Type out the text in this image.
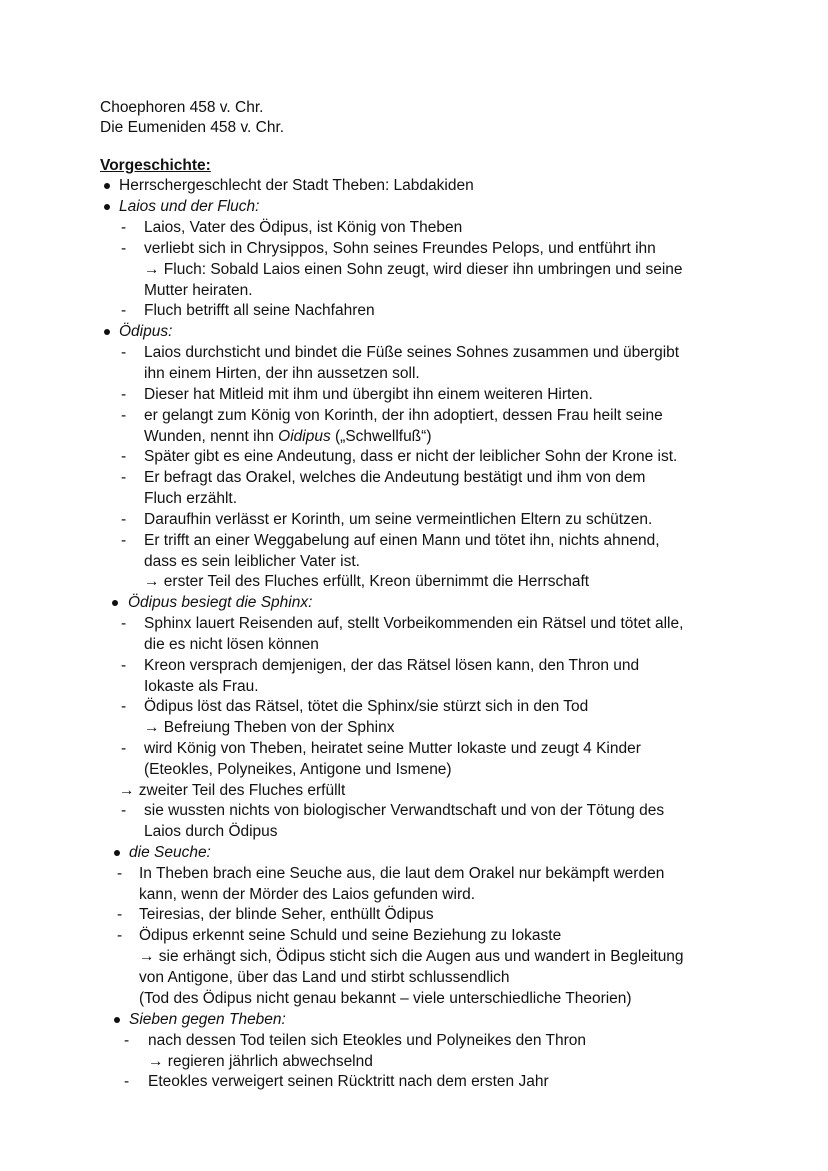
Choephoren 458 v. Chr.
Die Eumeniden 458 v. Chr.
Vorgeschichte:
Herrschergeschlecht der Stadt Theben: Labdakiden
Laios und der Fluch:
- Laios, Vater des Ödipus, ist König von Theben
- verliebt sich in Chrysippos, Sohn seines Freundes Pelops, und entführt ihn
→ Fluch: Sobald Laios einen Sohn zeugt, wird dieser ihn umbringen und seine
Mutter heiraten.
- Fluch betrifft all seine Nachfahren
Ödipus:
- Laios durchsticht und bindet die Füße seines Sohnes zusammen und übergibt
ihn einem Hirten, der ihn aussetzen soll.
- Dieser hat Mitleid mit ihm und übergibt ihn einem weiteren Hirten.
- er gelangt zum König von Korinth, der ihn adoptiert, dessen Frau heilt seine
Wunden, nennt ihn Oidipus („Schwellfuß“)
- Später gibt es eine Andeutung, dass er nicht der leiblicher Sohn der Krone ist.
- Er befragt das Orakel, welches die Andeutung bestätigt und ihm von dem
Fluch erzählt.
- Daraufhin verlässt er Korinth, um seine vermeintlichen Eltern zu schützen.
- Er trifft an einer Weggabelung auf einen Mann und tötet ihn, nichts ahnend,
dass es sein leiblicher Vater ist.
→ erster Teil des Fluches erfüllt, Kreon übernimmt die Herrschaft
Ödipus besiegt die Sphinx:
- Sphinx lauert Reisenden auf, stellt Vorbeikommenden ein Rätsel und tötet alle,
die es nicht lösen können
- Kreon versprach demjenigen, der das Rätsel lösen kann, den Thron und
Iokaste als Frau.
- Ödipus löst das Rätsel, tötet die Sphinx/sie stürzt sich in den Tod
→ Befreiung Theben von der Sphinx
- wird König von Theben, heiratet seine Mutter Iokaste und zeugt 4 Kinder
(Eteokles, Polyneikes, Antigone und Ismene)
→ zweiter Teil des Fluches erfüllt
- sie wussten nichts von biologischer Verwandtschaft und von der Tötung des
Laios durch Ödipus
die Seuche:
- In Theben brach eine Seuche aus, die laut dem Orakel nur bekämpft werden
kann, wenn der Mörder des Laios gefunden wird.
- Teiresias, der blinde Seher, enthüllt Ödipus
- Ödipus erkennt seine Schuld und seine Beziehung zu Iokaste
→ sie erhängt sich, Ödipus sticht sich die Augen aus und wandert in Begleitung
von Antigone, über das Land und stirbt schlussendlich
(Tod des Ödipus nicht genau bekannt – viele unterschiedliche Theorien)
Sieben gegen Theben:
- nach dessen Tod teilen sich Eteokles und Polyneikes den Thron
→ regieren jährlich abwechselnd
- Eteokles verweigert seinen Rücktritt nach dem ersten Jahr
